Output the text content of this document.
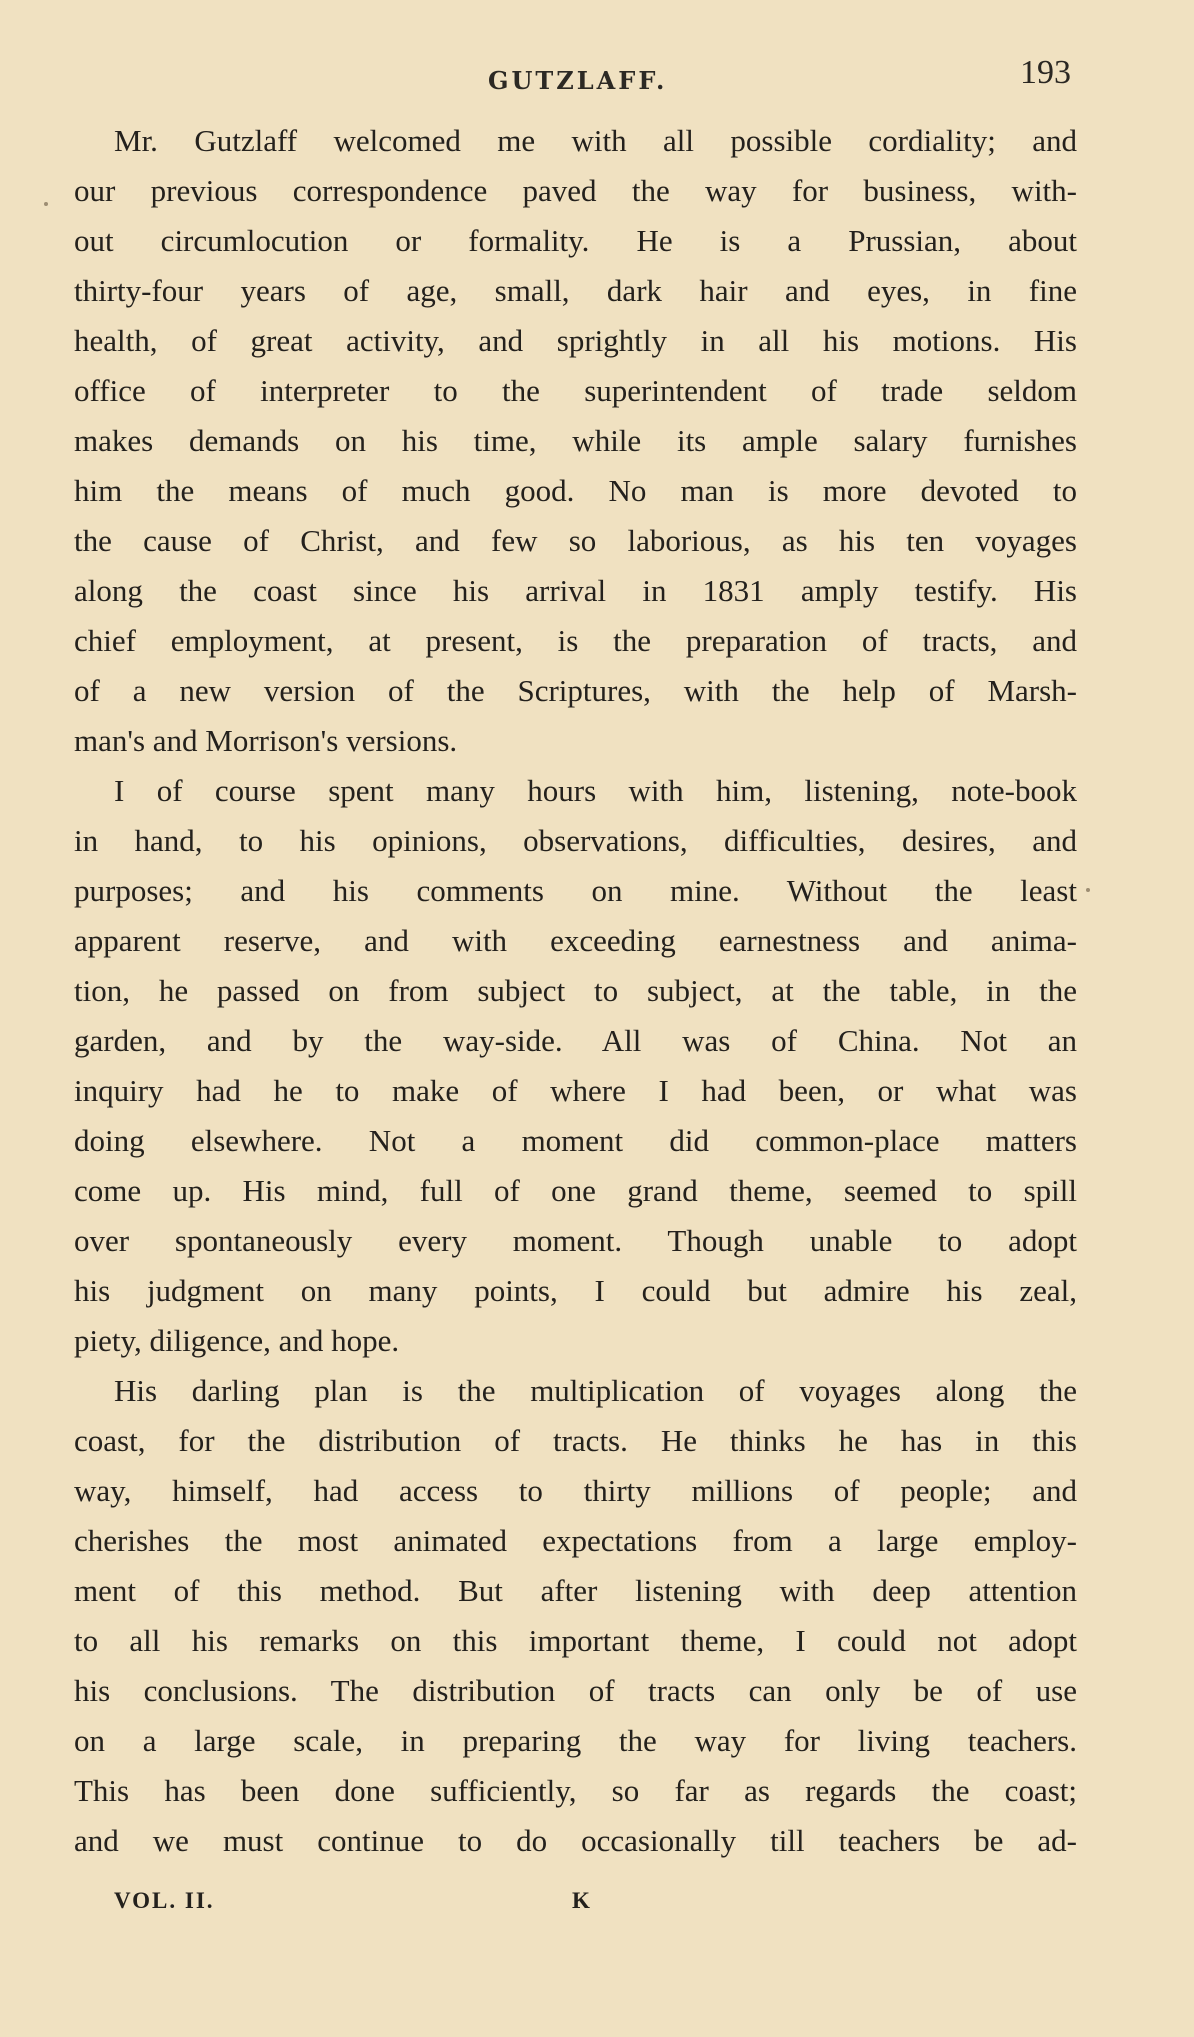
GUTZLAFF.	193
Mr. Gutzlaff welcomed me with all possible cordiality; and
our previous correspondence paved the way for business, with-
out circumlocution or formality. He is a Prussian, about
thirty-four years of age, small, dark hair and eyes, in fine
health, of great activity, and sprightly in all his motions. His
office of interpreter to the superintendent of trade seldom
makes demands on his time, while its ample salary furnishes
him the means of much good. No man is more devoted to
the cause of Christ, and few so laborious, as his ten voyages
along the coast since his arrival in 1831 amply testify. His
chief employment, at present, is the preparation of tracts, and
of a new version of the Scriptures, with the help of Marsh-
man's and Morrison's versions.
I of course spent many hours with him, listening, note-book
in hand, to his opinions, observations, difficulties, desires, and
purposes; and his comments on mine. Without the least
apparent reserve, and with exceeding earnestness and anima-
tion, he passed on from subject to subject, at the table, in the
garden, and by the way-side. All was of China. Not an
inquiry had he to make of where I had been, or what was
doing elsewhere. Not a moment did common-place matters
come up. His mind, full of one grand theme, seemed to spill
over spontaneously every moment. Though unable to adopt
his judgment on many points, I could but admire his zeal,
piety, diligence, and hope.
His darling plan is the multiplication of voyages along the
coast, for the distribution of tracts. He thinks he has in this
way, himself, had access to thirty millions of people; and
cherishes the most animated expectations from a large employ-
ment of this method. But after listening with deep attention
to all his remarks on this important theme, I could not adopt
his conclusions. The distribution of tracts can only be of use
on a large scale, in preparing the way for living teachers.
This has been done sufficiently, so far as regards the coast;
and we must continue to do occasionally till teachers be ad-
VOL. II.	K
